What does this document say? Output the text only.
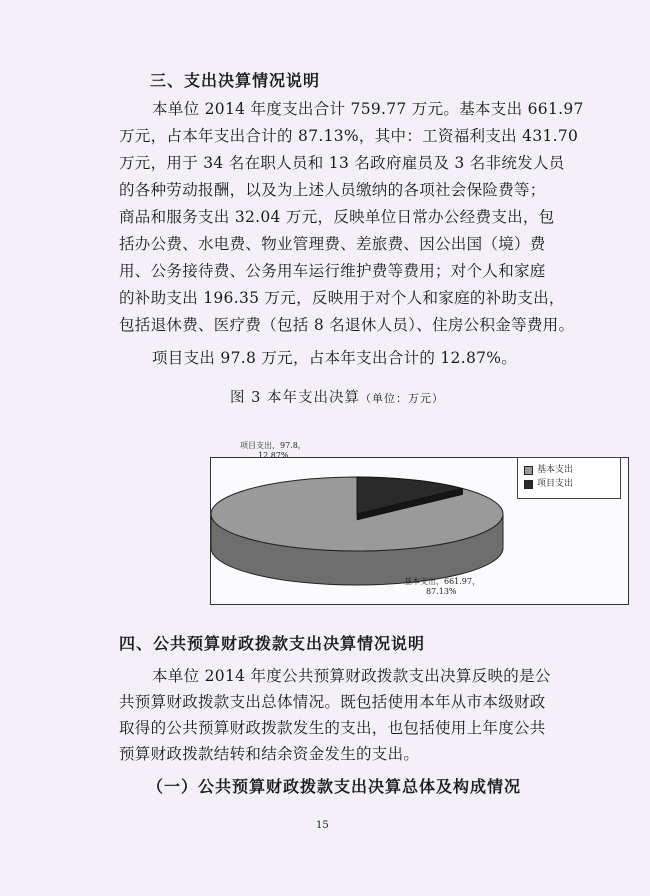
三、支出决算情况说明
本单位 2014 年度支出合计 759.77 万元。基本支出 661.97
万元，占本年支出合计的 87.13%，其中：工资福利支出 431.70
万元，用于 34 名在职人员和 13 名政府雇员及 3 名非统发人员
的各种劳动报酬，以及为上述人员缴纳的各项社会保险费等；
商品和服务支出 32.04 万元，反映单位日常办公经费支出，包
括办公费、水电费、物业管理费、差旅费、因公出国（境）费
用、公务接待费、公务用车运行维护费等费用；对个人和家庭
的补助支出 196.35 万元，反映用于对个人和家庭的补助支出，
包括退休费、医疗费（包括 8 名退休人员）、住房公积金等费用。
项目支出 97.8 万元，占本年支出合计的 12.87%。
图 3 本年支出决算（单位：万元）
项目支出，97.8，
12.87%
基本支出，661.97，
87.13%
基本支出
项目支出
四、公共预算财政拨款支出决算情况说明
本单位 2014 年度公共预算财政拨款支出决算反映的是公
共预算财政拨款支出总体情况。既包括使用本年从市本级财政
取得的公共预算财政拨款发生的支出，也包括使用上年度公共
预算财政拨款结转和结余资金发生的支出。
（一）公共预算财政拨款支出决算总体及构成情况
15
